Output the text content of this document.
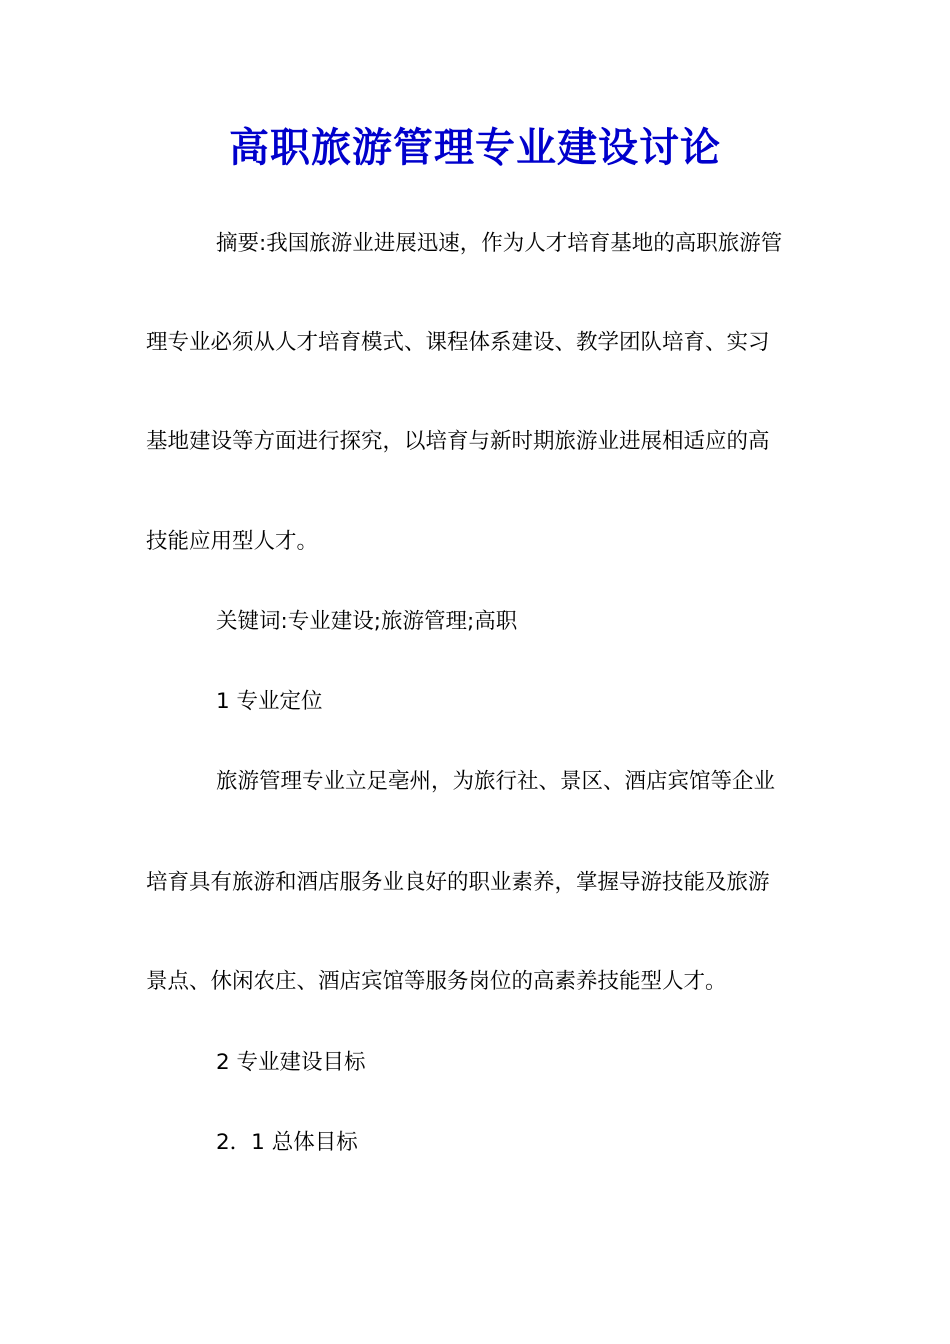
高职旅游管理专业建设讨论
摘要:我国旅游业进展迅速，作为人才培育基地的高职旅游管
理专业必须从人才培育模式、课程体系建设、教学团队培育、实习
基地建设等方面进行探究，以培育与新时期旅游业进展相适应的高
技能应用型人才。
关键词:专业建设;旅游管理;高职
1 专业定位
旅游管理专业立足亳州，为旅行社、景区、酒店宾馆等企业
培育具有旅游和酒店服务业良好的职业素养，掌握导游技能及旅游
景点、休闲农庄、酒店宾馆等服务岗位的高素养技能型人才。
2 专业建设目标
2．1 总体目标
